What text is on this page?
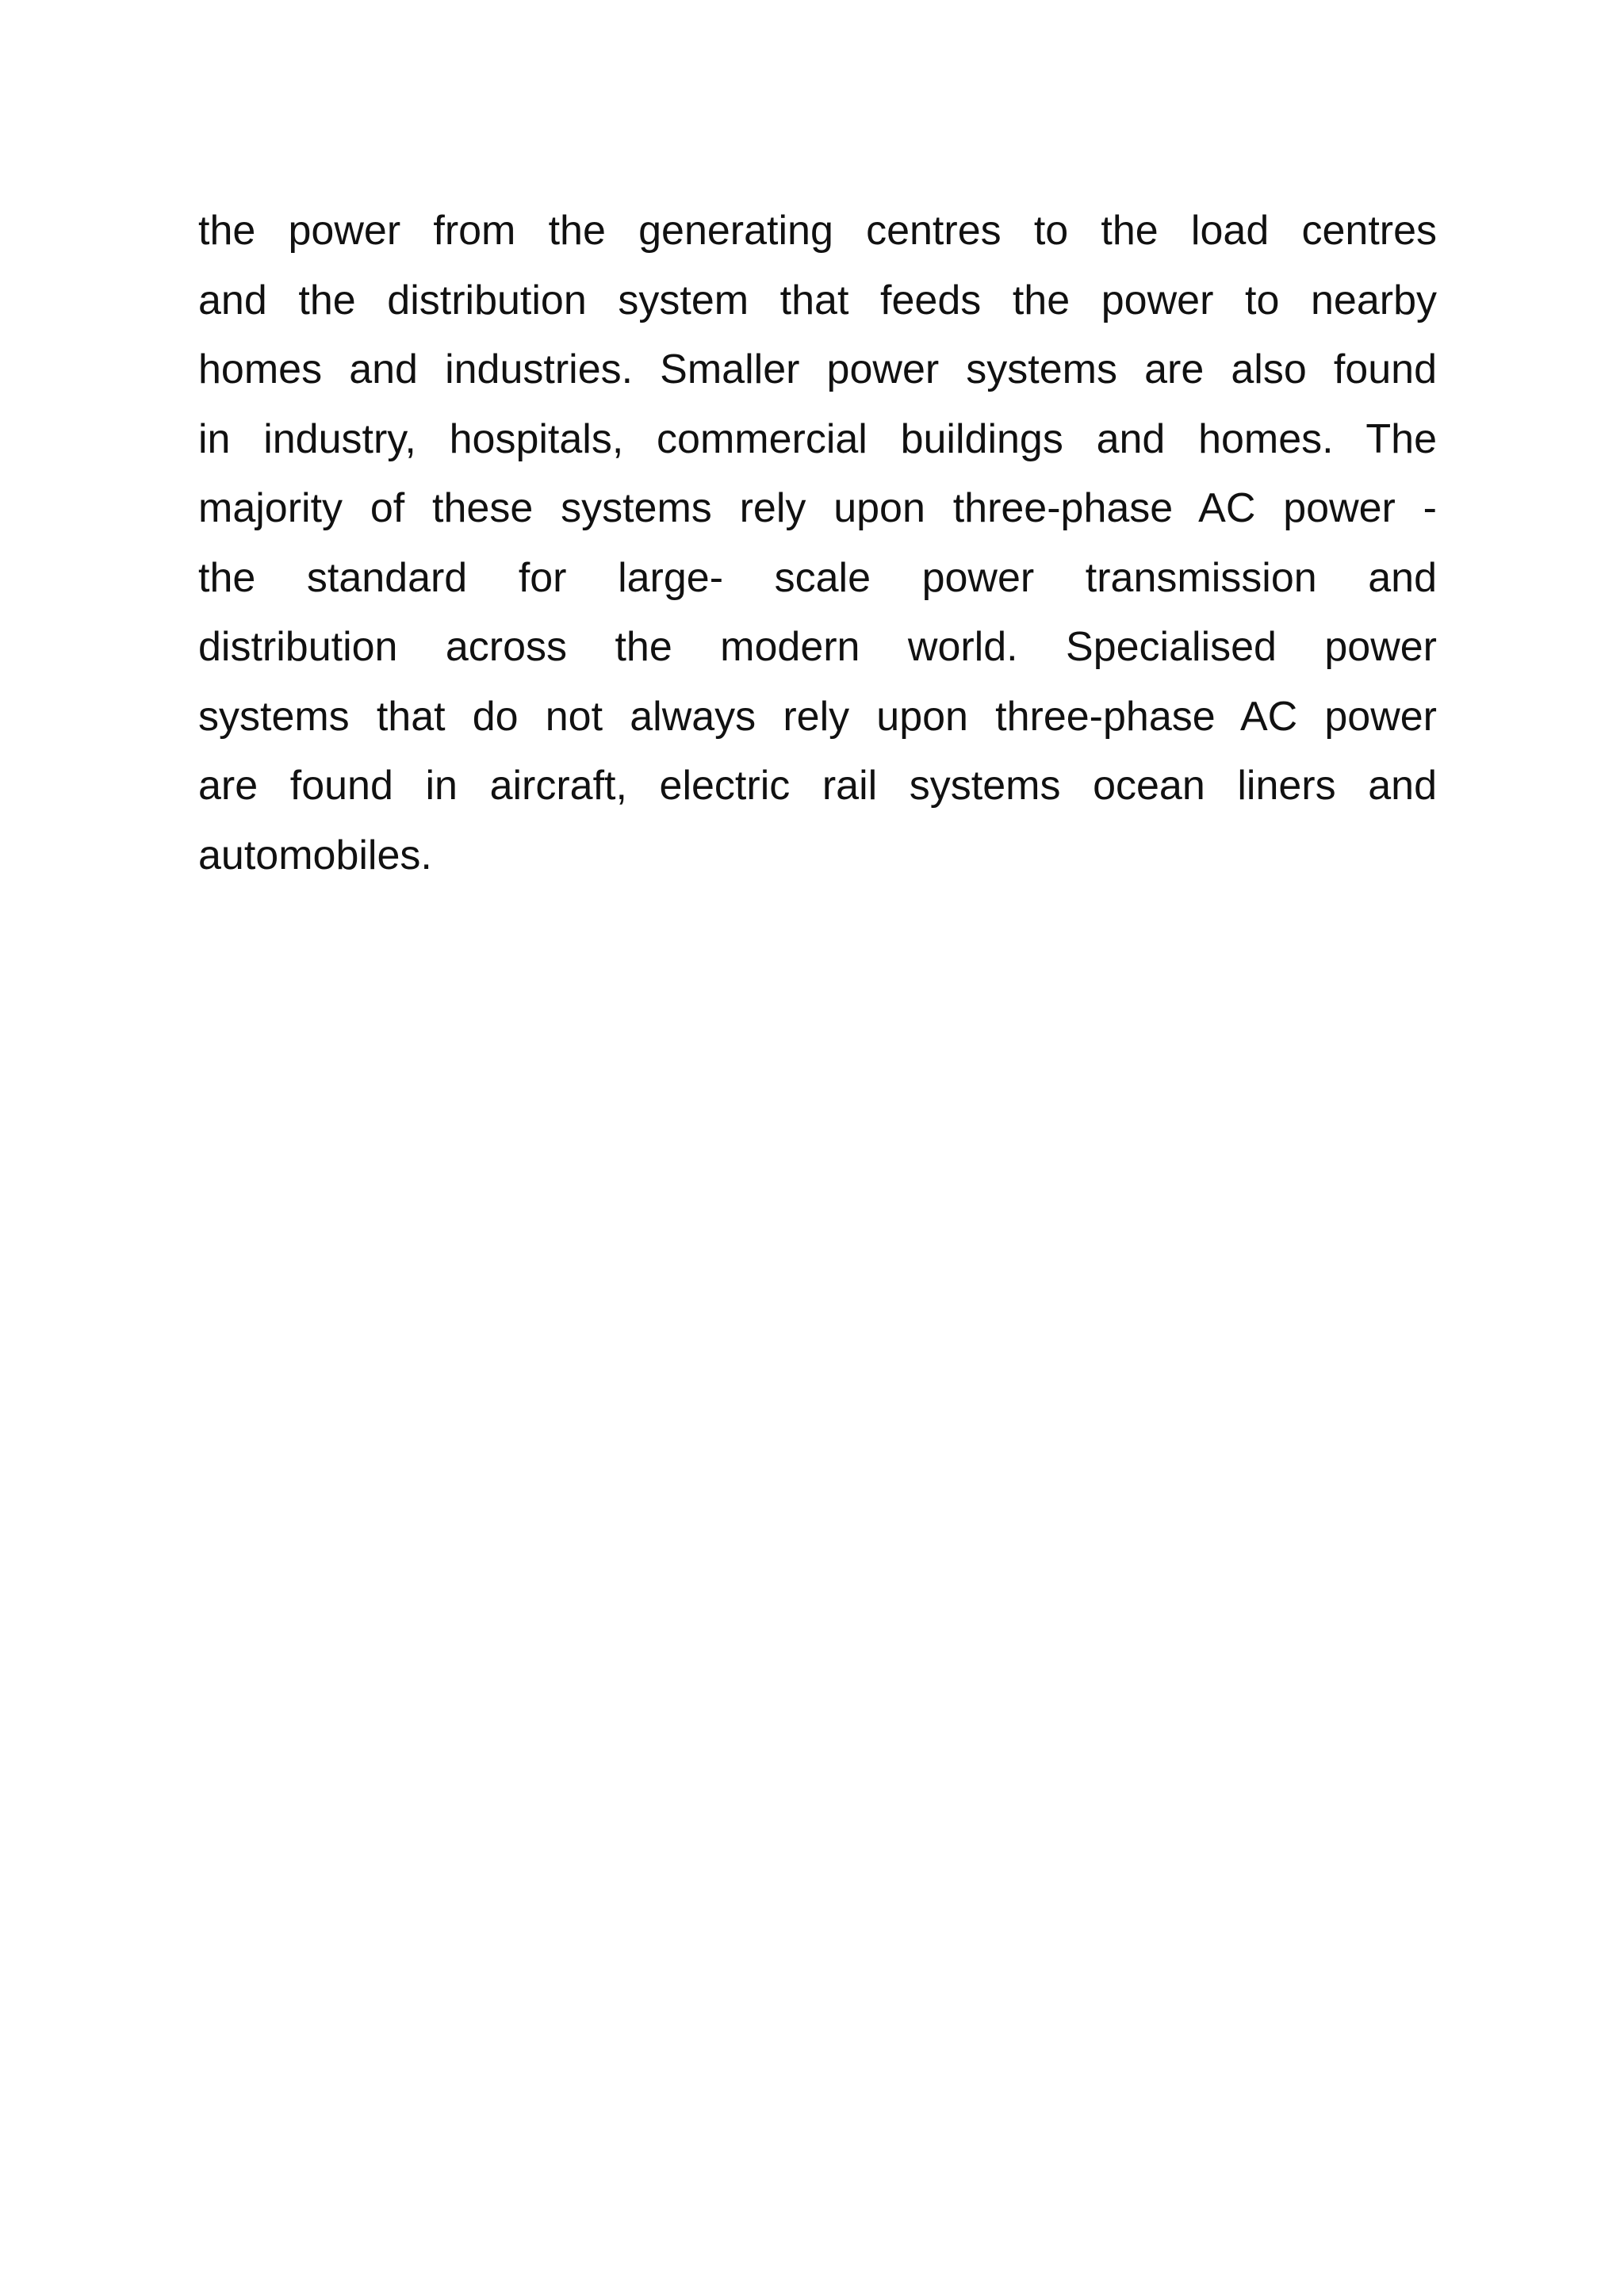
the power from the generating centres to the load centres
and the distribution system that feeds the power to nearby
homes and industries. Smaller power systems are also found
in industry, hospitals, commercial buildings and homes. The
majority of these systems rely upon three-phase AC power -
the standard for large- scale power transmission and
distribution across the modern world. Specialised power
systems that do not always rely upon three-phase AC power
are found in aircraft, electric rail systems ocean liners and
automobiles.
